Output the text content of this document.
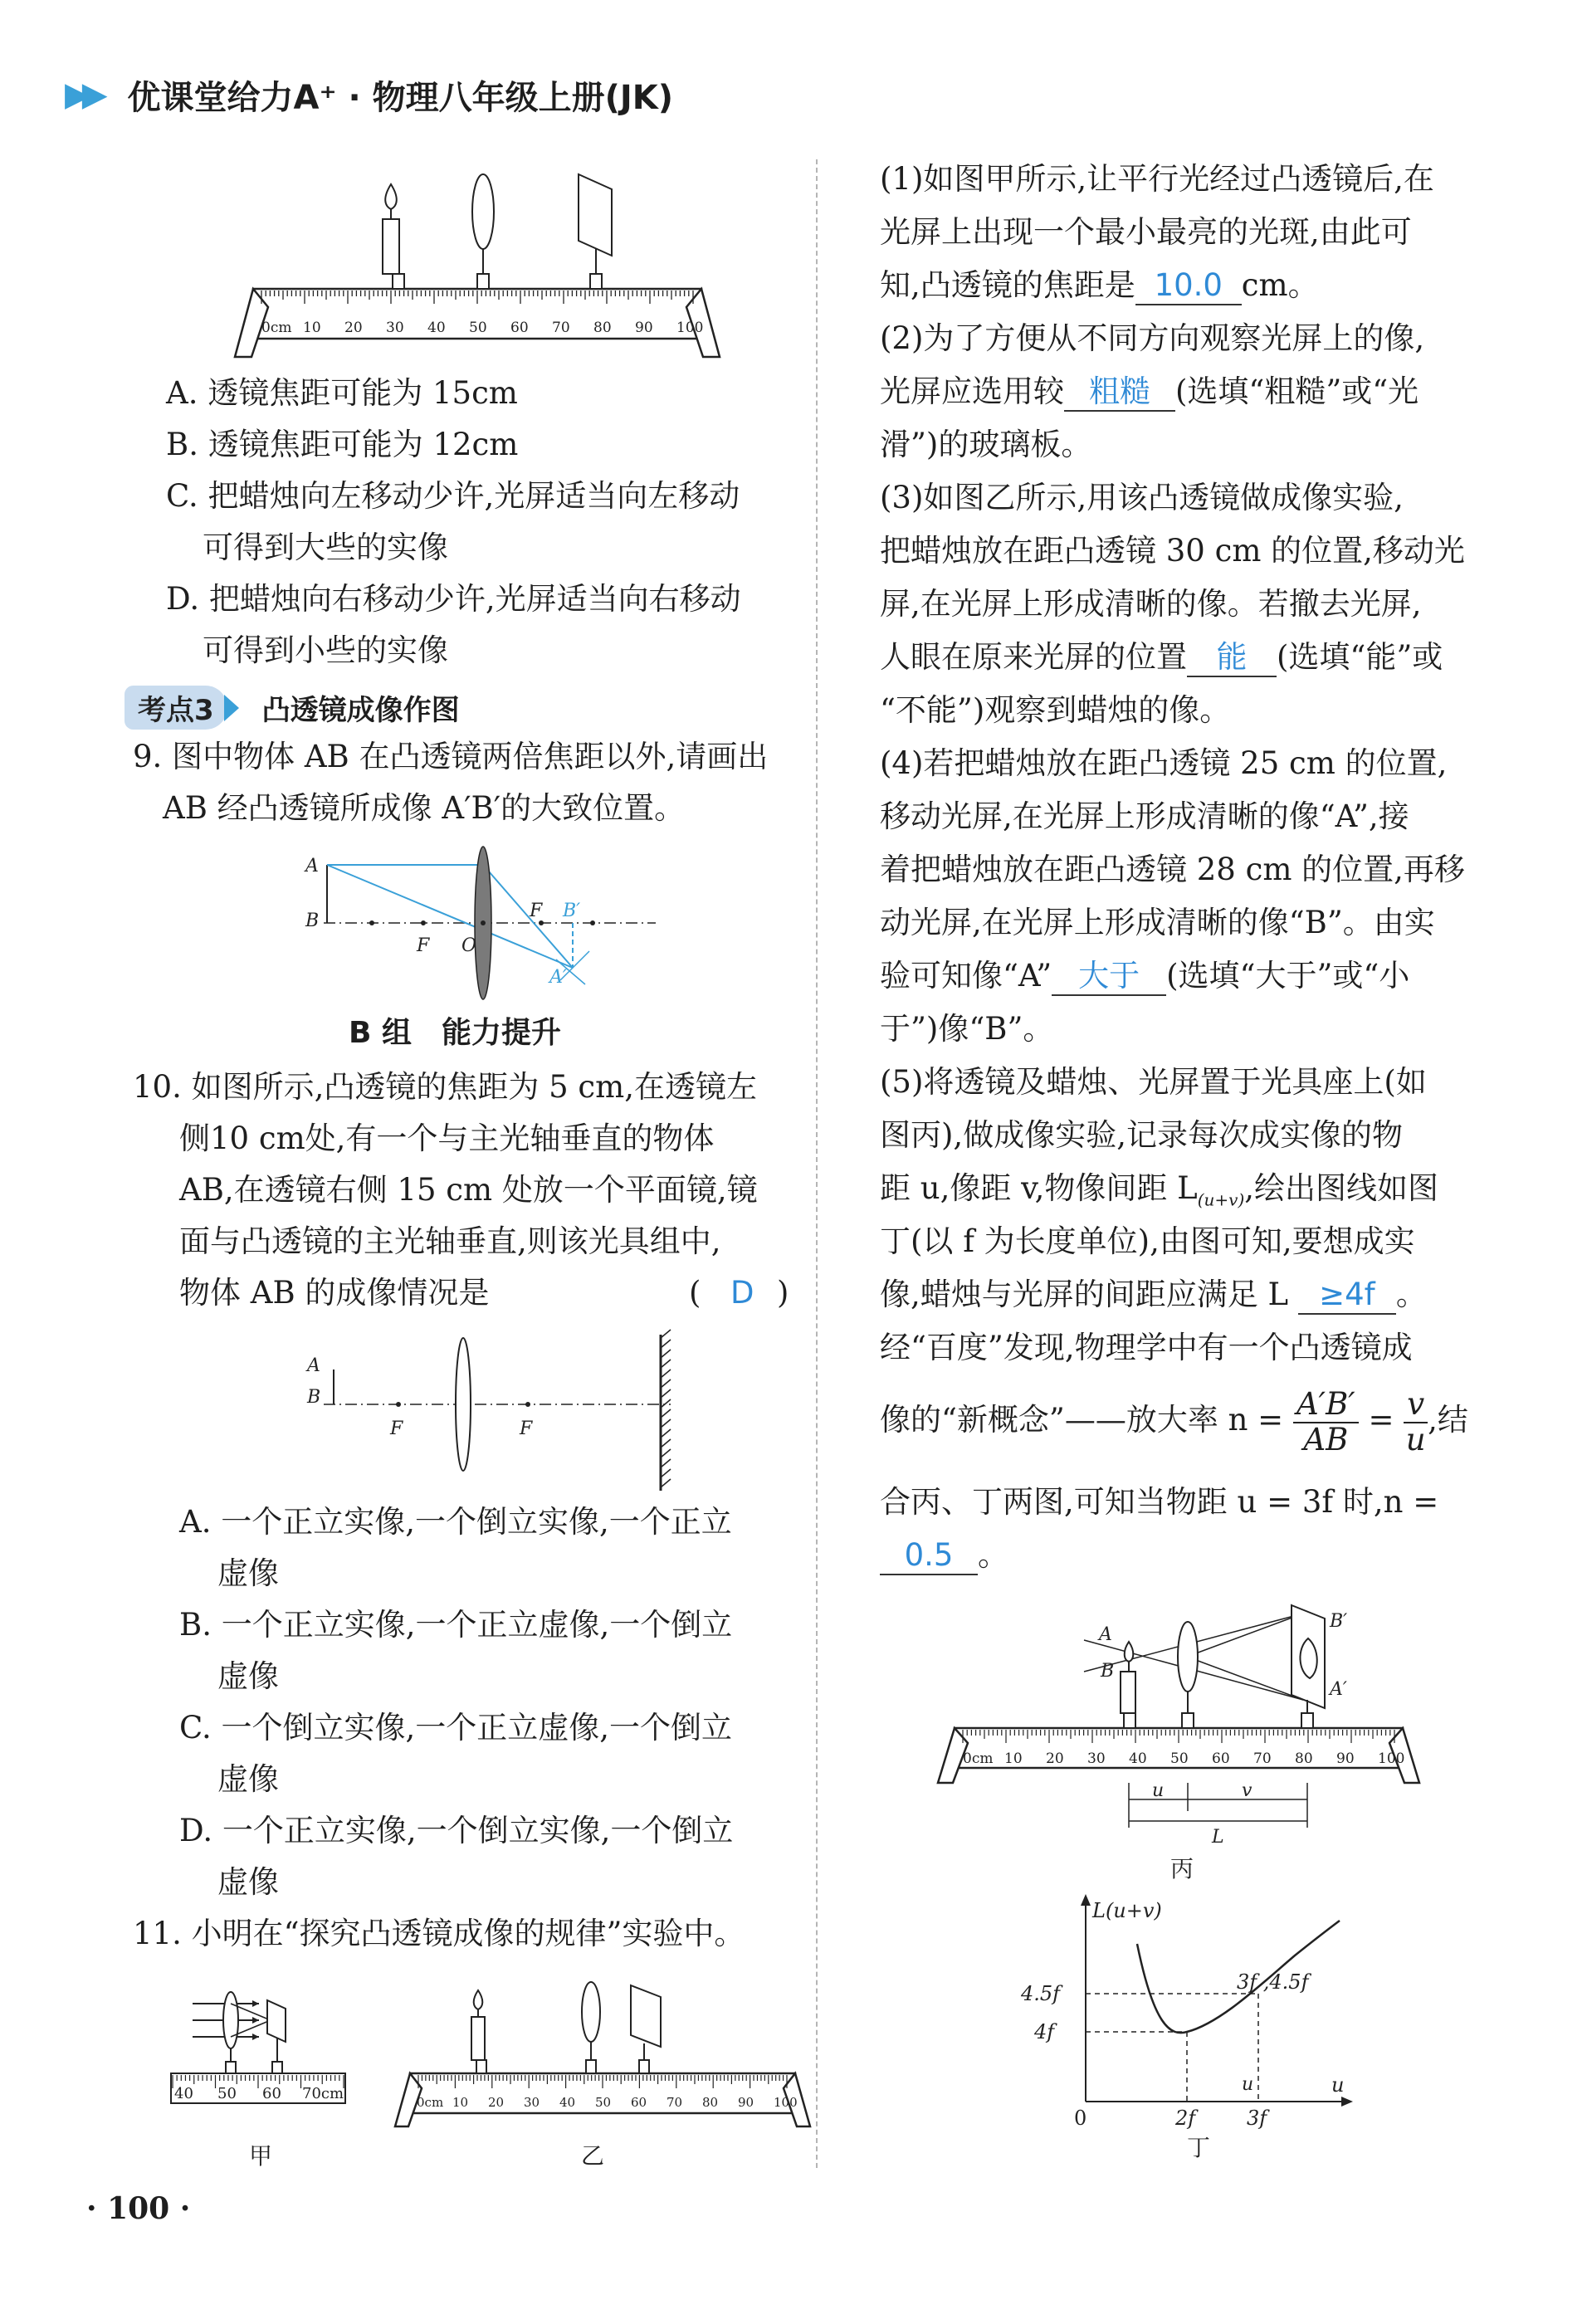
▶▶ 优课堂给力A⁺ · 物理八年级上册(JK)
0cm 10 20 30 40 50 60 70 80 90 100
A. 透镜焦距可能为 15cm
B. 透镜焦距可能为 12cm
C. 把蜡烛向左移动少许,光屏适当向左移动
可得到大些的实像
D. 把蜡烛向右移动少许,光屏适当向右移动
可得到小些的实像
考点3	凸透镜成像作图
9. 图中物体 AB 在凸透镜两倍焦距以外,请画出
AB 经凸透镜所成像 A′B′的大致位置。
A
B
F O
F B′
A′
B 组　能力提升
10. 如图所示,凸透镜的焦距为 5 cm,在透镜左
侧10 cm处,有一个与主光轴垂直的物体
AB,在透镜右侧 15 cm 处放一个平面镜,镜
面与凸透镜的主光轴垂直,则该光具组中,
物体 AB 的成像情况是	( D )
A
B
F	F
A. 一个正立实像,一个倒立实像,一个正立
虚像
B. 一个正立实像,一个正立虚像,一个倒立
虚像
C. 一个倒立实像,一个正立虚像,一个倒立
虚像
D. 一个正立实像,一个倒立实像,一个倒立
虚像
11. 小明在“探究凸透镜成像的规律”实验中。
40 50 60 70cm
甲
0cm 10 20 30 40 50 60 70 80 90 100
乙
(1)如图甲所示,让平行光经过凸透镜后,在
光屏上出现一个最小最亮的光斑,由此可
知,凸透镜的焦距是 10.0 cm。
(2)为了方便从不同方向观察光屏上的像,
光屏应选用较 粗糙 (选填“粗糙”或“光
滑”)的玻璃板。
(3)如图乙所示,用该凸透镜做成像实验,
把蜡烛放在距凸透镜 30 cm 的位置,移动光
屏,在光屏上形成清晰的像。若撤去光屏,
人眼在原来光屏的位置 能 (选填“能”或
“不能”)观察到蜡烛的像。
(4)若把蜡烛放在距凸透镜 25 cm 的位置,
移动光屏,在光屏上形成清晰的像“A”,接
着把蜡烛放在距凸透镜 28 cm 的位置,再移
动光屏,在光屏上形成清晰的像“B”。由实
验可知像“A” 大于 (选填“大于”或“小
于”)像“B”。
(5)将透镜及蜡烛、光屏置于光具座上(如
图丙),做成像实验,记录每次成实像的物
距 u,像距 v,物像间距 $L_{(u+v)}$,绘出图线如图
丁(以 f 为长度单位),由图可知,要想成实
像,蜡烛与光屏的间距应满足 L ≥4f 。
经“百度”发现,物理学中有一个凸透镜成
像的“新概念”——放大率 $n = \frac{A'B'}{AB} = \frac{v}{u}$ ,结
合丙、丁两图,可知当物距 u = 3f 时,n =
0.5 。
0cm 10 20 30 40 50 60 70 80 90 100
A
B
B′
A′
u	v
L
丙
L(u+v)
4.5f
4f
3f ,4.5f
u
u
0	2f	3f
丁
· 100 ·
